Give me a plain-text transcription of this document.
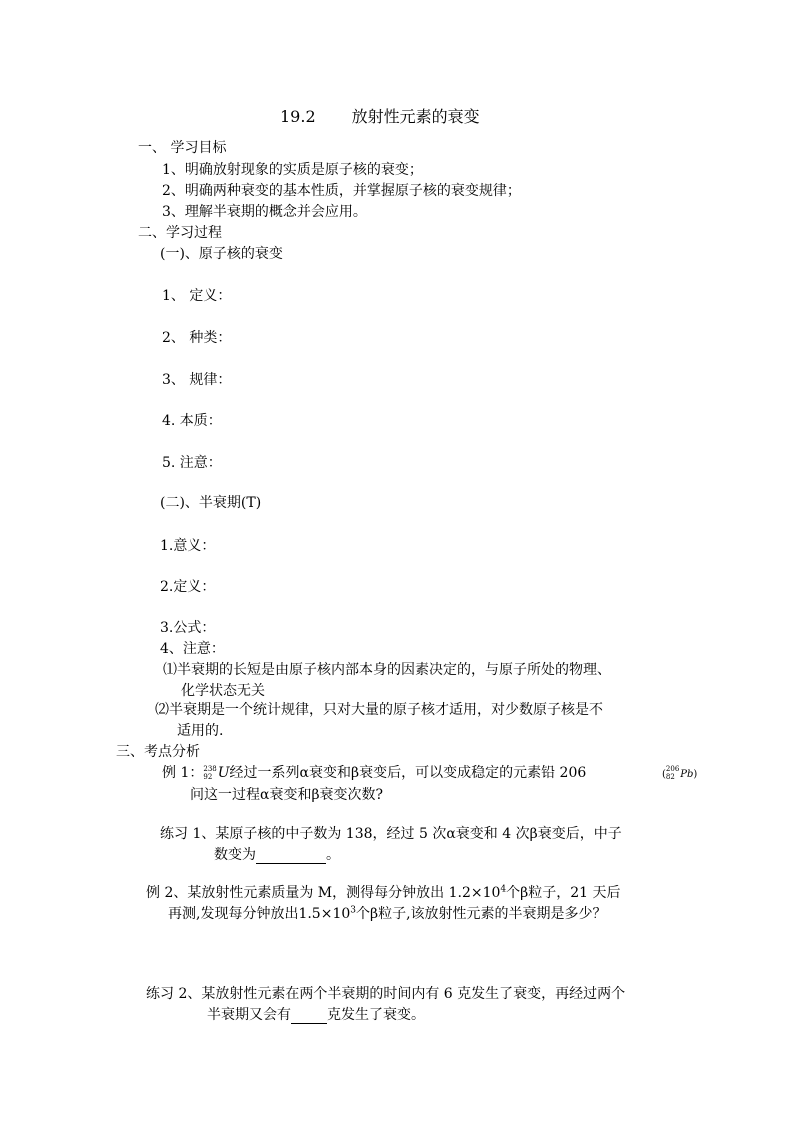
19.2 放射性元素的衰变
一、 学习目标
1、明确放射现象的实质是原子核的衰变；
2、明确两种衰变的基本性质，并掌握原子核的衰变规律；
3、理解半衰期的概念并会应用。
二、学习过程
(一)、原子核的衰变
1、 定义：
2、 种类：
3、 规律：
4. 本质：
5. 注意：
(二)、半衰期(T)
1.意义：
2.定义：
3.公式：
4、注意：
⑴半衰期的长短是由原子核内部本身的因素决定的，与原子所处的物理、
化学状态无关
⑵半衰期是一个统计规律，只对大量的原子核才适用，对少数原子核是不
适用的.
三、考点分析
例 1： 238
92 U经过一系列α衰变和β衰变后，可以变成稳定的元素铅 206	( 206
82 Pb)
问这一过程α衰变和β衰变次数?
练习 1、某原子核的中子数为 138，经过 5 次α衰变和 4 次β衰变后，中子
数变为	。
例 2、某放射性元素质量为 M，测得每分钟放出 $1.2\times 10^4$个β粒子，21 天后
再测,发现每分钟放出$1.5\times 10^3$个β粒子,该放射性元素的半衰期是多少？
练习 2、某放射性元素在两个半衰期的时间内有 6 克发生了衰变，再经过两个
半衰期又会有	克发生了衰变。
